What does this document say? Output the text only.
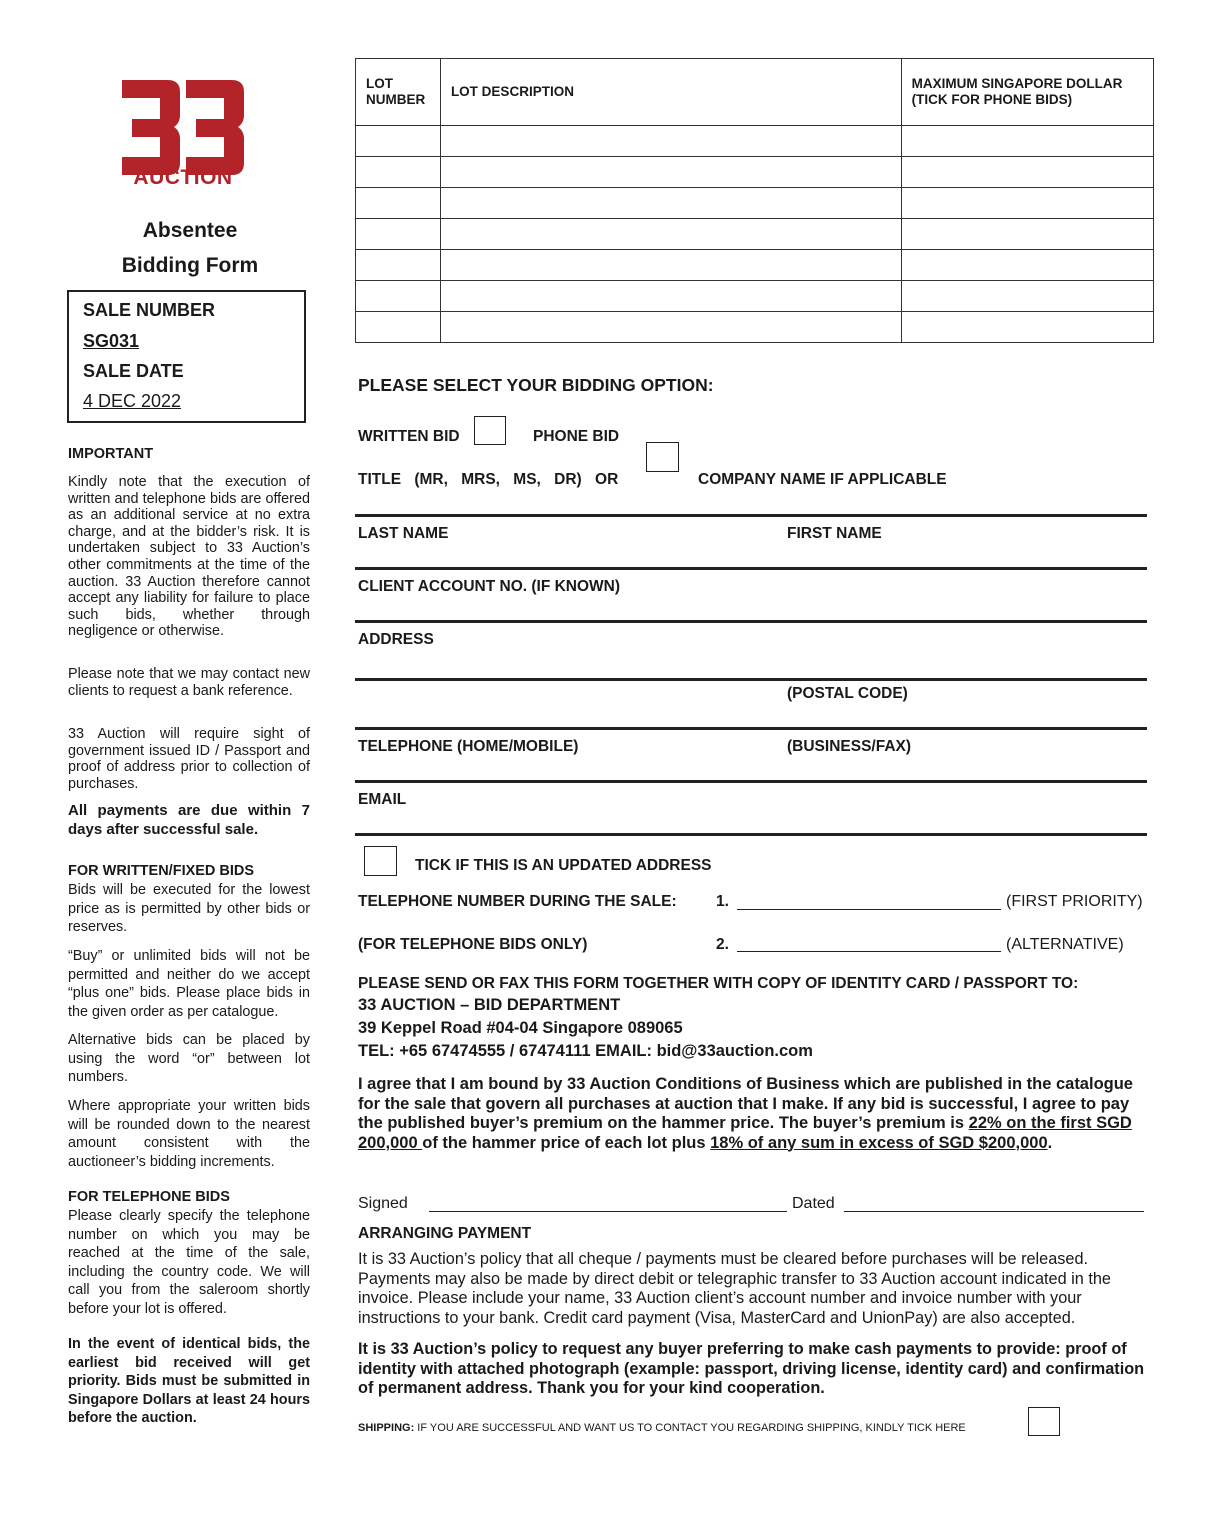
AUCTION
Absentee
Bidding Form
SALE NUMBER
SG031
SALE DATE
4 DEC 2022
IMPORTANT

Kindly note that the execution of written and telephone bids are offered as an additional service at no extra charge, and at the bidder’s risk. It is undertaken subject to 33 Auction’s other commitments at the time of the auction. 33 Auction therefore cannot accept any liability for failure to place such bids, whether through negligence or otherwise.

Please note that we may contact new clients to request a bank reference.

33 Auction will require sight of government issued ID / Passport and proof of address prior to collection of purchases.

All payments are due within 7 days after successful sale.

FOR WRITTEN/FIXED BIDS

Bids will be executed for the lowest price as is permitted by other bids or reserves.

“Buy” or unlimited bids will not be permitted and neither do we accept “plus one” bids. Please place bids in the given order as per catalogue.

Alternative bids can be placed by using the word “or” between lot numbers.

Where appropriate your written bids will be rounded down to the nearest amount consistent with the auctioneer’s bidding increments.

FOR TELEPHONE BIDS

Please clearly specify the telephone number on which you may be reached at the time of the sale, including the country code. We will call you from the saleroom shortly before your lot is offered.

In the event of identical bids, the earliest bid received will get priority. Bids must be submitted in Singapore Dollars at least 24 hours before the auction.

LOT NUMBER	LOT DESCRIPTION	MAXIMUM SINGAPORE DOLLAR
(TICK FOR PHONE BIDS)

PLEASE SELECT YOUR BIDDING OPTION:
WRITTEN BID	PHONE BID
TITLE (MR, MRS, MS, DR) OR	COMPANY NAME IF APPLICABLE
LAST NAME	FIRST NAME
CLIENT ACCOUNT NO. (IF KNOWN)
ADDRESS
(POSTAL CODE)
TELEPHONE (HOME/MOBILE)	(BUSINESS/FAX)
EMAIL
TICK IF THIS IS AN UPDATED ADDRESS
TELEPHONE NUMBER DURING THE SALE:	1.	(FIRST PRIORITY)
(FOR TELEPHONE BIDS ONLY)	2.	(ALTERNATIVE)
PLEASE SEND OR FAX THIS FORM TOGETHER WITH COPY OF IDENTITY CARD / PASSPORT TO:
33 AUCTION – BID DEPARTMENT
39 Keppel Road #04-04 Singapore 089065
TEL: +65 67474555 / 67474111 EMAIL: bid@33auction.com

I agree that I am bound by 33 Auction Conditions of Business which are published in the catalogue for the sale that govern all purchases at auction that I make. If any bid is successful, I agree to pay the published buyer’s premium on the hammer price. The buyer’s premium is 22% on the first SGD 200,000 of the hammer price of each lot plus 18% of any sum in excess of SGD $200,000.

Signed	Dated
ARRANGING PAYMENT

It is 33 Auction’s policy that all cheque / payments must be cleared before purchases will be released. Payments may also be made by direct debit or telegraphic transfer to 33 Auction account indicated in the invoice. Please include your name, 33 Auction client’s account number and invoice number with your instructions to your bank. Credit card payment (Visa, MasterCard and UnionPay) are also accepted.

It is 33 Auction’s policy to request any buyer preferring to make cash payments to provide: proof of identity with attached photograph (example: passport, driving license, identity card) and confirmation of permanent address. Thank you for your kind cooperation.

SHIPPING: IF YOU ARE SUCCESSFUL AND WANT US TO CONTACT YOU REGARDING SHIPPING, KINDLY TICK HERE
